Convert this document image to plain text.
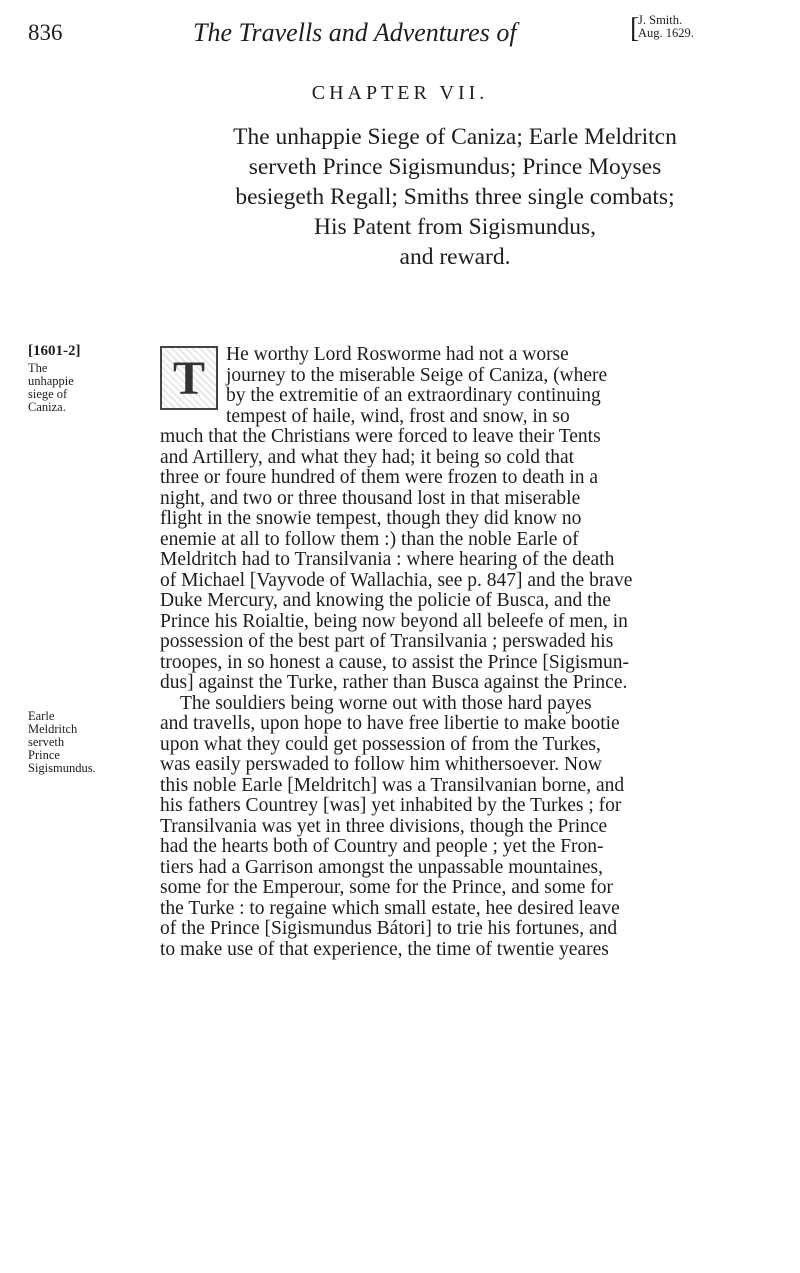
836	The Travells and Adventures of	[
J. Smith.
Aug. 1629.
CHAPTER VII.
The unhappie Siege of Caniza; Earle Meldritcn
serveth Prince Sigismundus; Prince Moyses
besiegeth Regall; Smiths three single combats;
His Patent from Sigismundus,
and reward.
[1601-2]
The unhappie siege of Caniza.
Earle Meldritch serveth Prince Sigismundus.
T	He worthy Lord Rosworme had not a worse

journey to the miserable Seige of Caniza, (where

by the extremitie of an extraordinary continuing

tempest of haile, wind, frost and snow, in so

much that the Christians were forced to leave their Tents

and Artillery, and what they had; it being so cold that

three or foure hundred of them were frozen to death in a

night, and two or three thousand lost in that miserable

flight in the snowie tempest, though they did know no

enemie at all to follow them :) than the noble Earle of

Meldritch had to Transilvania : where hearing of the death

of Michael [Vayvode of Wallachia, see p. 847] and the brave

Duke Mercury, and knowing the policie of Busca, and the

Prince his Roialtie, being now beyond all beleefe of men, in

possession of the best part of Transilvania ; perswaded his

troopes, in so honest a cause, to assist the Prince [Sigismun-

dus] against the Turke, rather than Busca against the Prince.

The souldiers being worne out with those hard payes

and travells, upon hope to have free libertie to make bootie

upon what they could get possession of from the Turkes,

was easily perswaded to follow him whithersoever. Now

this noble Earle [Meldritch] was a Transilvanian borne, and

his fathers Countrey [was] yet inhabited by the Turkes ; for

Transilvania was yet in three divisions, though the Prince

had the hearts both of Country and people ; yet the Fron-

tiers had a Garrison amongst the unpassable mountaines,

some for the Emperour, some for the Prince, and some for

the Turke : to regaine which small estate, hee desired leave

of the Prince [Sigismundus Bátori] to trie his fortunes, and

to make use of that experience, the time of twentie yeares
